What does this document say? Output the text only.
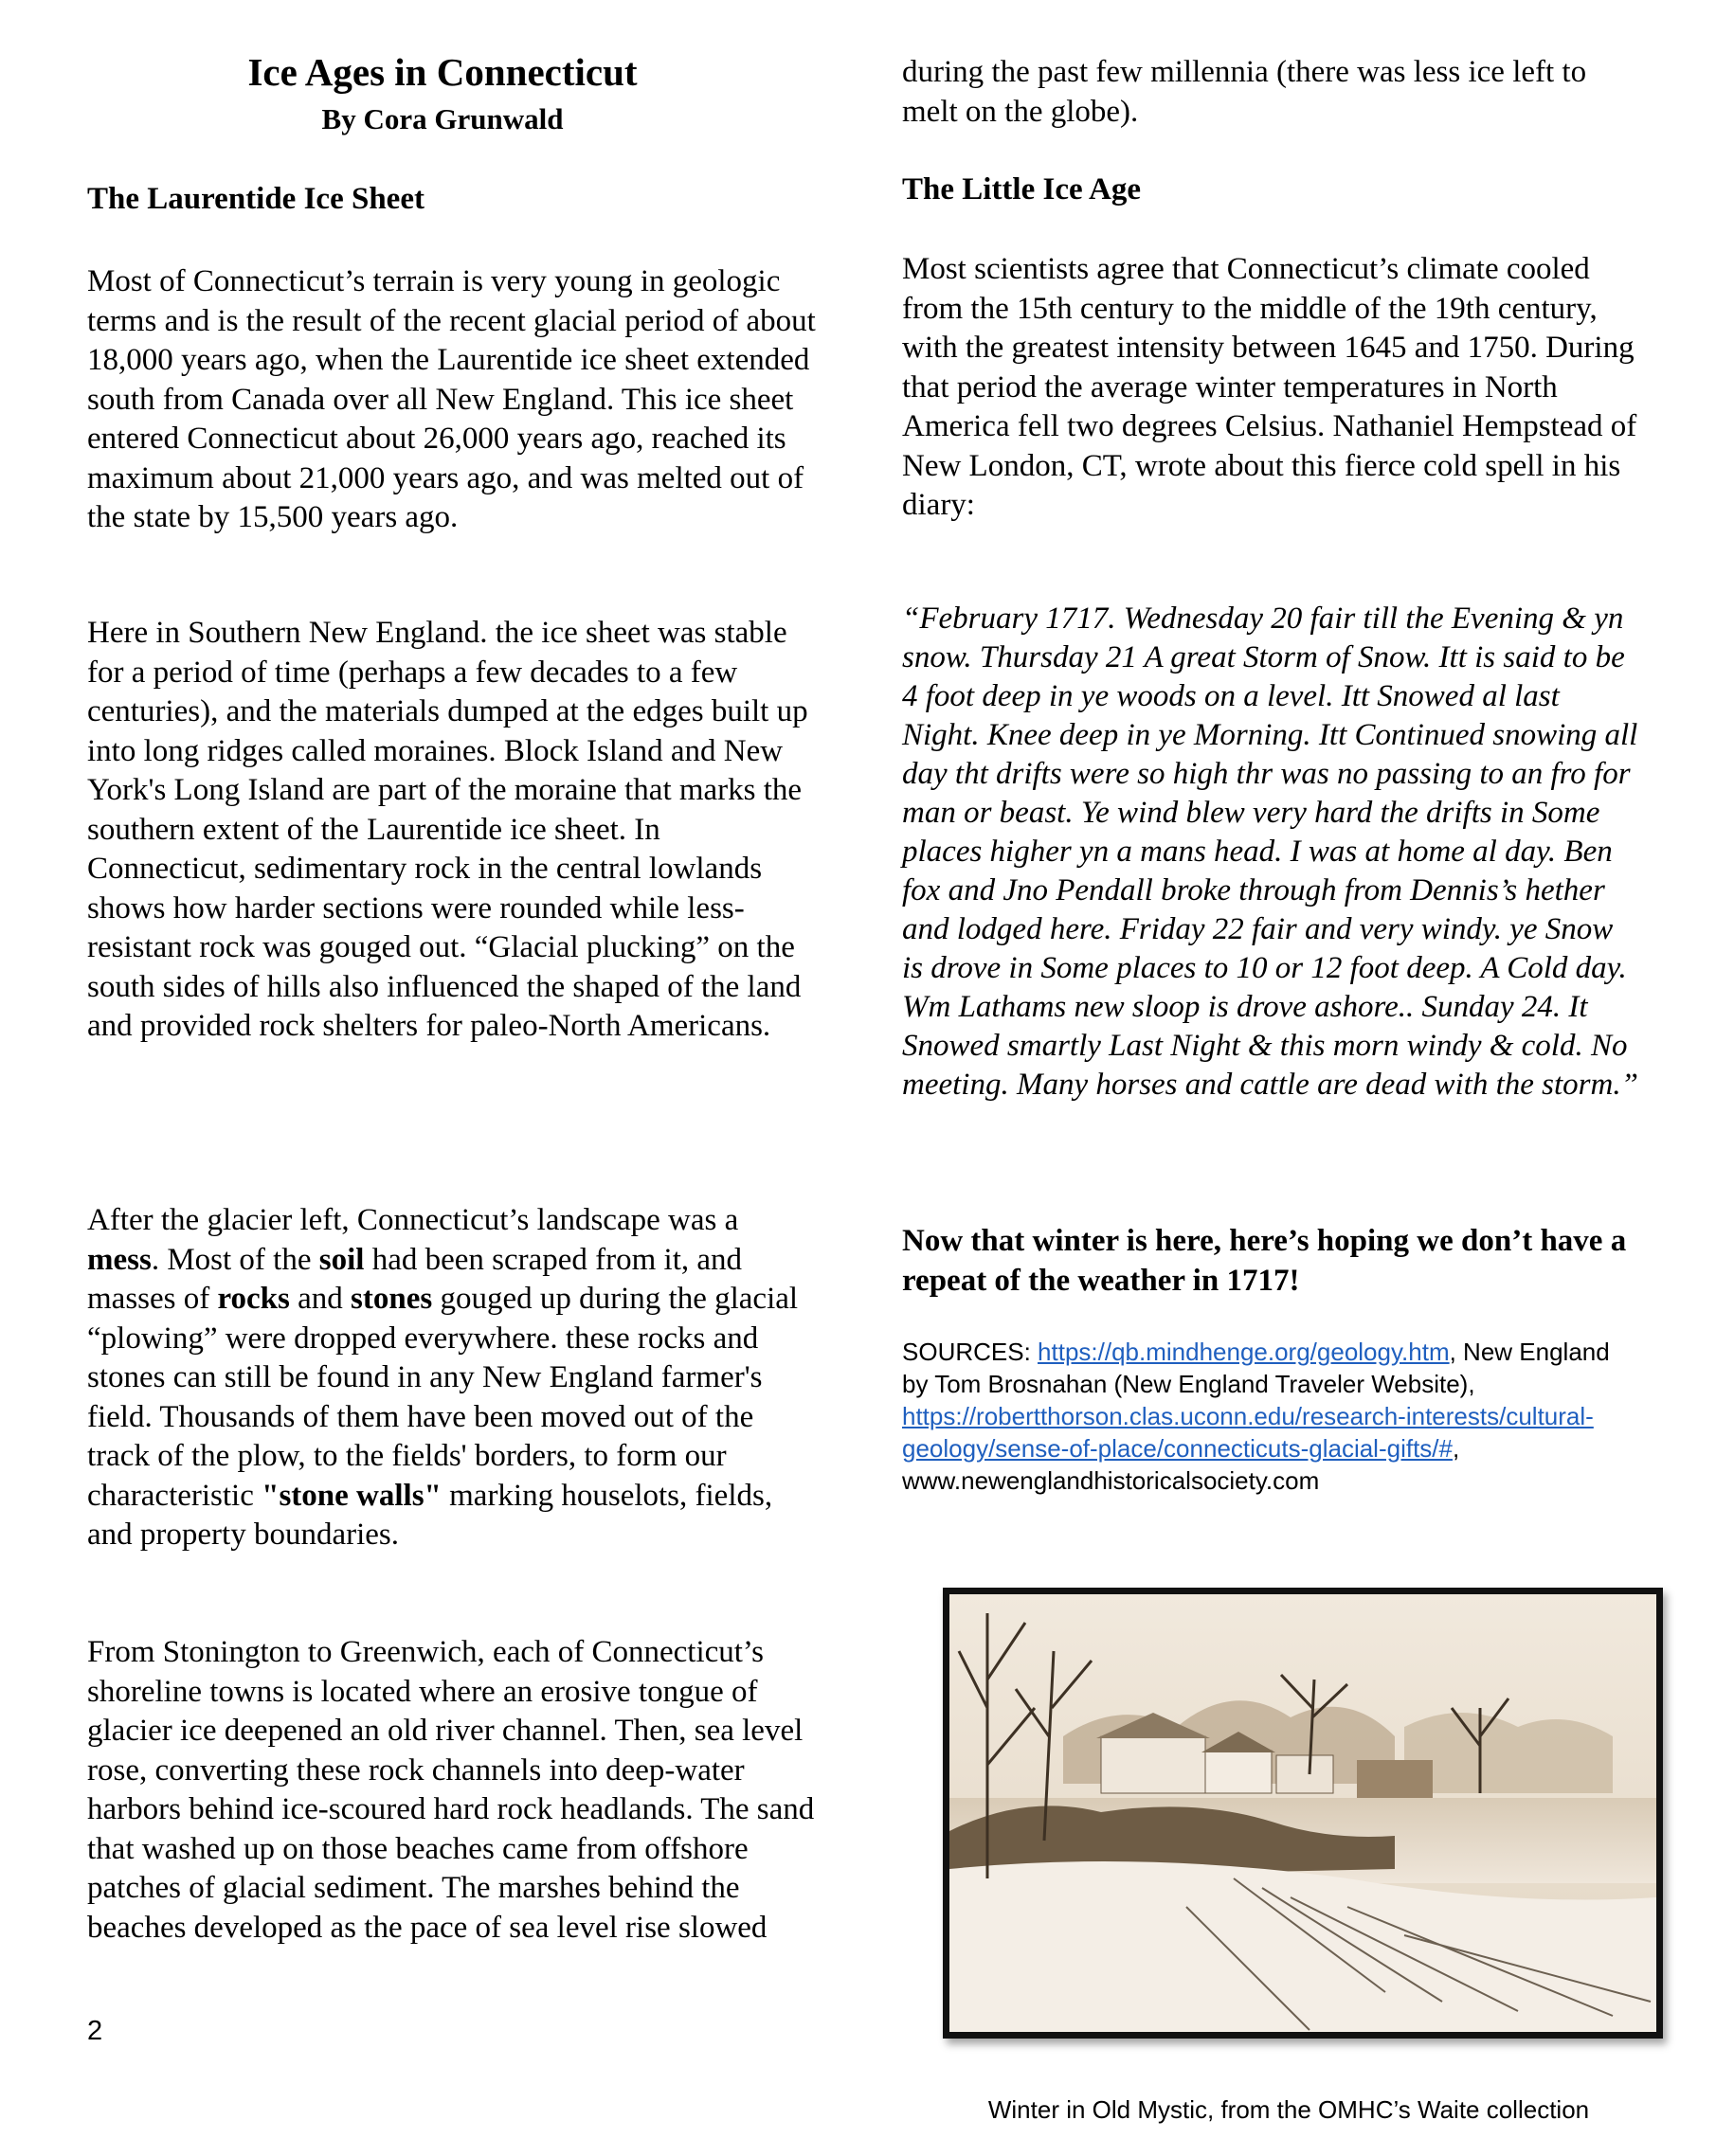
Ice Ages in Connecticut
By Cora Grunwald
The Laurentide Ice Sheet

Most of Connecticut’s terrain is very young in geologic terms and is the result of the recent glacial period of about 18,000 years ago, when the Laurentide ice sheet extended south from Canada over all New England. This ice sheet entered Connecticut about 26,000 years ago, reached its maximum about 21,000 years ago, and was melted out of the state by 15,500 years ago.

Here in Southern New England. the ice sheet was stable for a period of time (perhaps a few decades to a few centuries), and the materials dumped at the edges built up into long ridges called moraines. Block Island and New York's Long Island are part of the moraine that marks the southern extent of the Laurentide ice sheet. In Connecticut, sedimentary rock in the central lowlands shows how harder sections were rounded while less-resistant rock was gouged out. “Glacial plucking” on the south sides of hills also influenced the shaped of the land and provided rock shelters for paleo-North Americans.

After the glacier left, Connecticut’s landscape was a mess. Most of the soil had been scraped from it, and masses of rocks and stones gouged up during the glacial “plowing” were dropped everywhere. these rocks and stones can still be found in any New England farmer's field. Thousands of them have been moved out of the track of the plow, to the fields' borders, to form our characteristic "stone walls" marking houselots, fields, and property boundaries.

From Stonington to Greenwich, each of Connecticut’s shoreline towns is located where an erosive tongue of glacier ice deepened an old river channel. Then, sea level rose, converting these rock channels into deep-water harbors behind ice-scoured hard rock headlands. The sand that washed up on those beaches came from offshore patches of glacial sediment. The marshes behind the beaches developed as the pace of sea level rise slowed

during the past few millennia (there was less ice left to melt on the globe).

The Little Ice Age

Most scientists agree that Connecticut’s climate cooled from the 15th century to the middle of the 19th century, with the greatest intensity between 1645 and 1750. During that period the average winter temperatures in North America fell two degrees Celsius. Nathaniel Hempstead of New London, CT, wrote about this fierce cold spell in his diary:

“February 1717. Wednesday 20 fair till the Evening & yn snow. Thursday 21 A great Storm of Snow. Itt is said to be 4 foot deep in ye woods on a level. Itt Snowed al last Night. Knee deep in ye Morning. Itt Continued snowing all day tht drifts were so high thr was no passing to an fro for man or beast. Ye wind blew very hard the drifts in Some places higher yn a mans head. I was at home al day. Ben fox and Jno Pendall broke through from Dennis’s hether and lodged here. Friday 22 fair and very windy. ye Snow is drove in Some places to 10 or 12 foot deep. A Cold day. Wm Lathams new sloop is drove ashore.. Sunday 24. It Snowed smartly Last Night & this morn windy & cold. No meeting. Many horses and cattle are dead with the storm.”

Now that winter is here, here’s hoping we don’t have a repeat of the weather in 1717!

SOURCES: https://qb.mindhenge.org/geology.htm, New England by Tom Brosnahan (New England Traveler Website), https://robertthorson.clas.uconn.edu/research-interests/cultural-geology/sense-of-place/connecticuts-glacial-gifts/#, www.newenglandhistoricalsociety.com
Winter in Old Mystic, from the OMHC’s Waite collection
2
